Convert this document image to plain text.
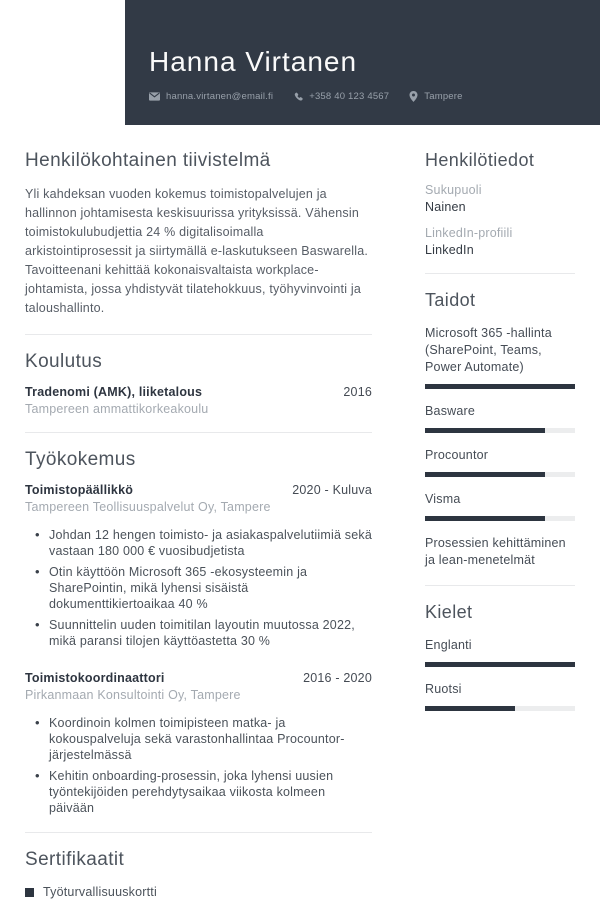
Hanna Virtanen
hanna.virtanen@email.fi	+358 40 123 4567	Tampere
Henkilökohtainen tiivistelmä

Yli kahdeksan vuoden kokemus toimistopalvelujen ja hallinnon johtamisesta keskisuurissa yrityksissä. Vähensin toimistokulubudjettia 24 % digitalisoimalla arkistointiprosessit ja siirtymällä e-laskutukseen Baswarella. Tavoitteenani kehittää kokonaisvaltaista workplace-johtamista, jossa yhdistyvät tilatehokkuus, työhyvinvointi ja taloushallinto.

Koulutus
Tradenomi (AMK), liiketalous	2016
Tampereen ammattikorkeakoulu
Työkokemus
Toimistopäällikkö	2020 - Kuluva
Tampereen Teollisuuspalvelut Oy, Tampere
• Johdan 12 hengen toimisto- ja asiakaspalvelutiimiä sekä vastaan 180 000 € vuosibudjetista
• Otin käyttöön Microsoft 365 -ekosysteemin ja SharePointin, mikä lyhensi sisäistä dokumenttikiertoaikaa 40 %
• Suunnittelin uuden toimitilan layoutin muutossa 2022, mikä paransi tilojen käyttöastetta 30 %
Toimistokoordinaattori	2016 - 2020
Pirkanmaan Konsultointi Oy, Tampere
• Koordinoin kolmen toimipisteen matka- ja kokouspalveluja sekä varastonhallintaa Procountor-järjestelmässä
• Kehitin onboarding-prosessin, joka lyhensi uusien työntekijöiden perehdytysaikaa viikosta kolmeen päivään
Sertifikaatit
Työturvallisuuskortti
Henkilötiedot
Sukupuoli
Nainen
LinkedIn-profiili
LinkedIn
Taidot
Microsoft 365 -hallinta (SharePoint, Teams, Power Automate)
Basware
Procountor
Visma
Prosessien kehittäminen ja lean-menetelmät
Kielet
Englanti
Ruotsi
